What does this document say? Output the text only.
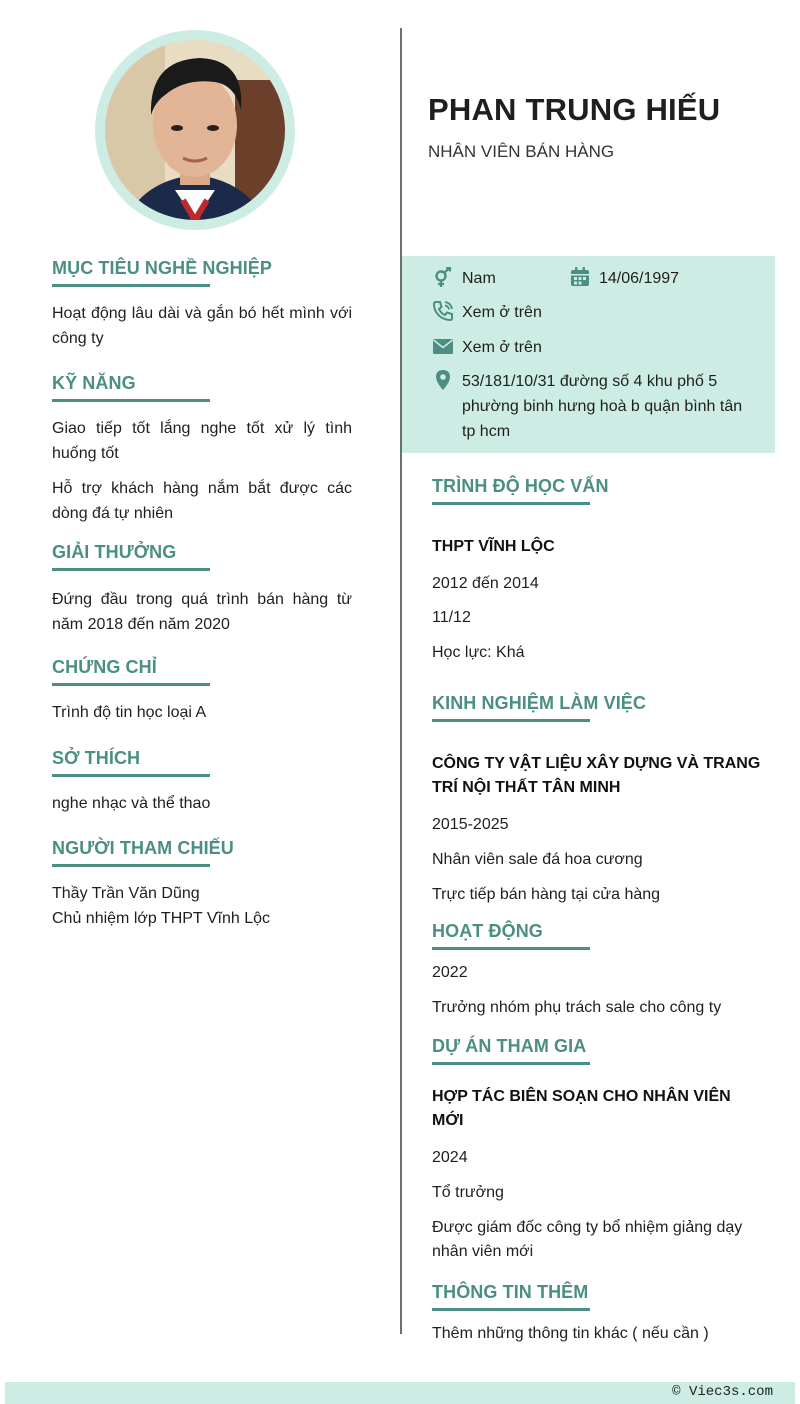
MỤC TIÊU NGHỀ NGHIỆP
Hoạt động lâu dài và gắn bó hết mình với công ty
KỸ NĂNG
Giao tiếp tốt lắng nghe tốt xử lý tình huống tốt
Hỗ trợ khách hàng nắm bắt được các dòng đá tự nhiên
GIẢI THƯỞNG
Đứng đầu trong quá trình bán hàng từ năm 2018 đến năm 2020
CHỨNG CHỈ
Trình độ tin học loại A
SỞ THÍCH
nghe nhạc và thể thao
NGƯỜI THAM CHIẾU
Thầy Trần Văn Dũng
Chủ nhiệm lớp THPT Vĩnh Lộc
PHAN TRUNG HIẾU
NHÂN VIÊN BÁN HÀNG
Nam	14/06/1997
Xem ở trên
Xem ở trên
53/181/10/31 đường số 4 khu phố 5 phường binh hưng hoà b quận bình tân tp hcm
TRÌNH ĐỘ HỌC VẤN
THPT VĨNH LỘC
2012 đến 2014
11/12
Học lực: Khá
KINH NGHIỆM LÀM VIỆC
CÔNG TY VẬT LIỆU XÂY DỰNG VÀ TRANG TRÍ NỘI THẤT TÂN MINH
2015-2025
Nhân viên sale đá hoa cương
Trực tiếp bán hàng tại cửa hàng
HOẠT ĐỘNG
2022
Trưởng nhóm phụ trách sale cho công ty
DỰ ÁN THAM GIA
HỢP TÁC BIÊN SOẠN CHO NHÂN VIÊN MỚI
2024
Tổ trưởng
Được giám đốc công ty bổ nhiệm giảng dạy nhân viên mới
THÔNG TIN THÊM
Thêm những thông tin khác ( nếu cần )
© Viec3s.com
